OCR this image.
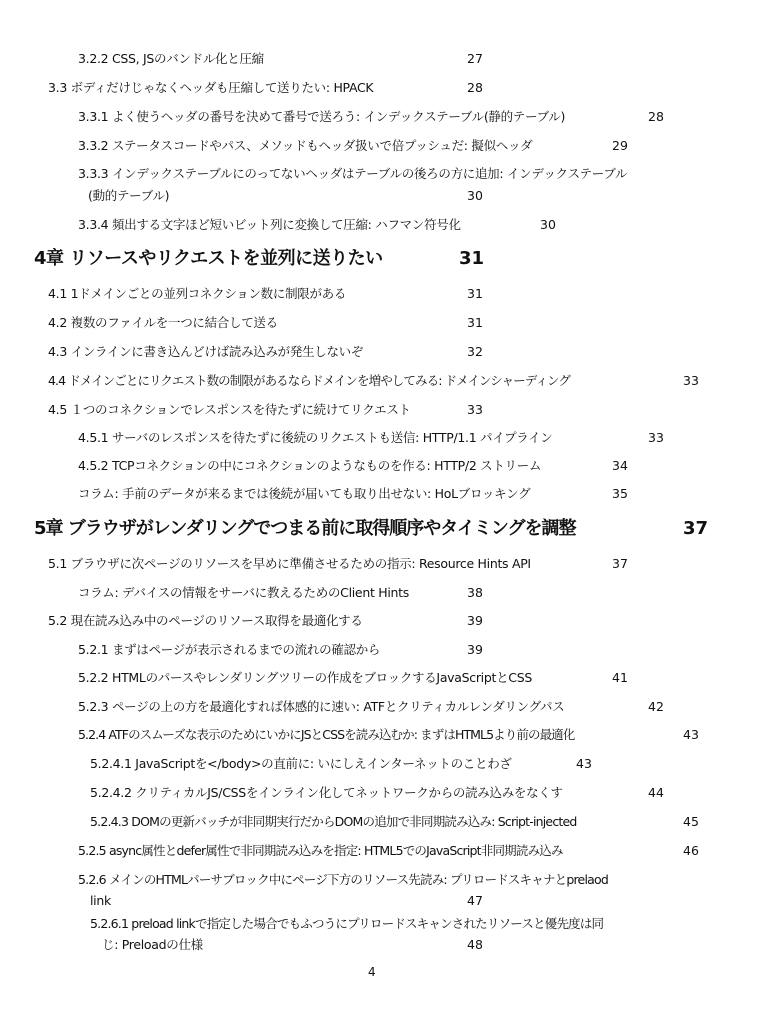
3.2.2 CSS, JSのバンドル化と圧縮	27
3.3 ボディだけじゃなくヘッダも圧縮して送りたい: HPACK	28
3.3.1 よく使うヘッダの番号を決めて番号で送ろう: インデックステーブル(静的テーブル)	28
3.3.2 ステータスコードやパス、メソッドもヘッダ扱いで倍プッシュだ: 擬似ヘッダ	29
3.3.3 インデックステーブルにのってないヘッダはテーブルの後ろの方に追加: インデックステーブル
(動的テーブル)	30
3.3.4 頻出する文字ほど短いビット列に変換して圧縮: ハフマン符号化	30
4章 リソースやリクエストを並列に送りたい	31
4.1 1ドメインごとの並列コネクション数に制限がある	31
4.2 複数のファイルを一つに結合して送る	31
4.3 インラインに書き込んどけば読み込みが発生しないぞ	32
4.4 ドメインごとにリクエスト数の制限があるならドメインを増やしてみる: ドメインシャーディング	33
4.5 １つのコネクションでレスポンスを待たずに続けてリクエスト	33
4.5.1 サーバのレスポンスを待たずに後続のリクエストも送信: HTTP/1.1 パイプライン	33
4.5.2 TCPコネクションの中にコネクションのようなものを作る: HTTP/2 ストリーム	34
コラム: 手前のデータが来るまでは後続が届いても取り出せない: HoLブロッキング	35
5章 ブラウザがレンダリングでつまる前に取得順序やタイミングを調整	37
5.1 ブラウザに次ページのリソースを早めに準備させるための指示: Resource Hints API	37
コラム: デバイスの情報をサーバに教えるためのClient Hints	38
5.2 現在読み込み中のページのリソース取得を最適化する	39
5.2.1 まずはページが表示されるまでの流れの確認から	39
5.2.2 HTMLのパースやレンダリングツリーの作成をブロックするJavaScriptとCSS	41
5.2.3 ページの上の方を最適化すれば体感的に速い: ATFとクリティカルレンダリングパス	42
5.2.4 ATFのスムーズな表示のためにいかにJSとCSSを読み込むか: まずはHTML5より前の最適化	43
5.2.4.1 JavaScriptを</body>の直前に: いにしえインターネットのことわざ	43
5.2.4.2 クリティカルJS/CSSをインライン化してネットワークからの読み込みをなくす	44
5.2.4.3 DOMの更新バッチが非同期実行だからDOMの追加で非同期読み込み: Script-injected	45
5.2.5 async属性とdefer属性で非同期読み込みを指定: HTML5でのJavaScript非同期読み込み	46
5.2.6 メインのHTMLパーサブロック中にページ下方のリソース先読み: プリロードスキャナとprelaod
link	47
5.2.6.1 preload linkで指定した場合でもふつうにプリロードスキャンされたリソースと優先度は同
じ: Preloadの仕様	48
4
